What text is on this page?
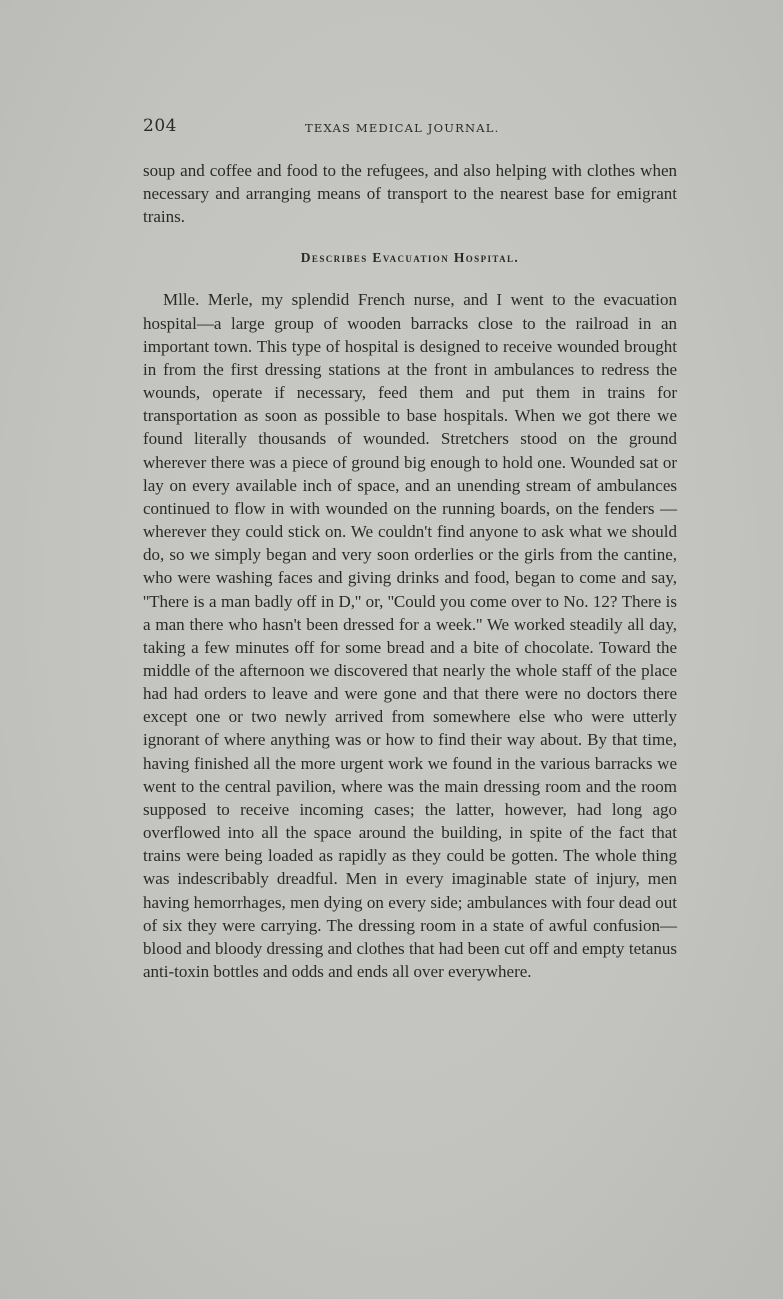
204	TEXAS MEDICAL JOURNAL.

soup and coffee and food to the refugees, and also helping with clothes when necessary and arranging means of transport to the nearest base for emigrant trains.

Describes Evacuation Hospital.

Mlle. Merle, my splendid French nurse, and I went to the evacuation hospital—a large group of wooden barracks close to the railroad in an important town. This type of hospital is designed to receive wounded brought in from the first dressing stations at the front in ambulances to redress the wounds, operate if necessary, feed them and put them in trains for transportation as soon as possible to base hospitals. When we got there we found literally thousands of wounded. Stretchers stood on the ground wherever there was a piece of ground big enough to hold one. Wounded sat or lay on every available inch of space, and an unending stream of ambulances continued to flow in with wounded on the running boards, on the fenders —wherever they could stick on. We couldn't find anyone to ask what we should do, so we simply began and very soon orderlies or the girls from the cantine, who were washing faces and giving drinks and food, began to come and say, ''There is a man badly off in D,'' or, ''Could you come over to No. 12? There is a man there who hasn't been dressed for a week.'' We worked steadily all day, taking a few minutes off for some bread and a bite of chocolate. Toward the middle of the afternoon we discovered that nearly the whole staff of the place had had orders to leave and were gone and that there were no doctors there except one or two newly arrived from somewhere else who were utterly ignorant of where anything was or how to find their way about. By that time, having finished all the more urgent work we found in the various barracks we went to the central pavilion, where was the main dressing room and the room supposed to receive incoming cases; the latter, however, had long ago overflowed into all the space around the building, in spite of the fact that trains were being loaded as rapidly as they could be gotten. The whole thing was indescribably dreadful. Men in every imaginable state of injury, men having hemorrhages, men dying on every side; ambulances with four dead out of six they were carrying. The dressing room in a state of awful confusion—blood and bloody dressing and clothes that had been cut off and empty tetanus anti-toxin bottles and odds and ends all over everywhere.
